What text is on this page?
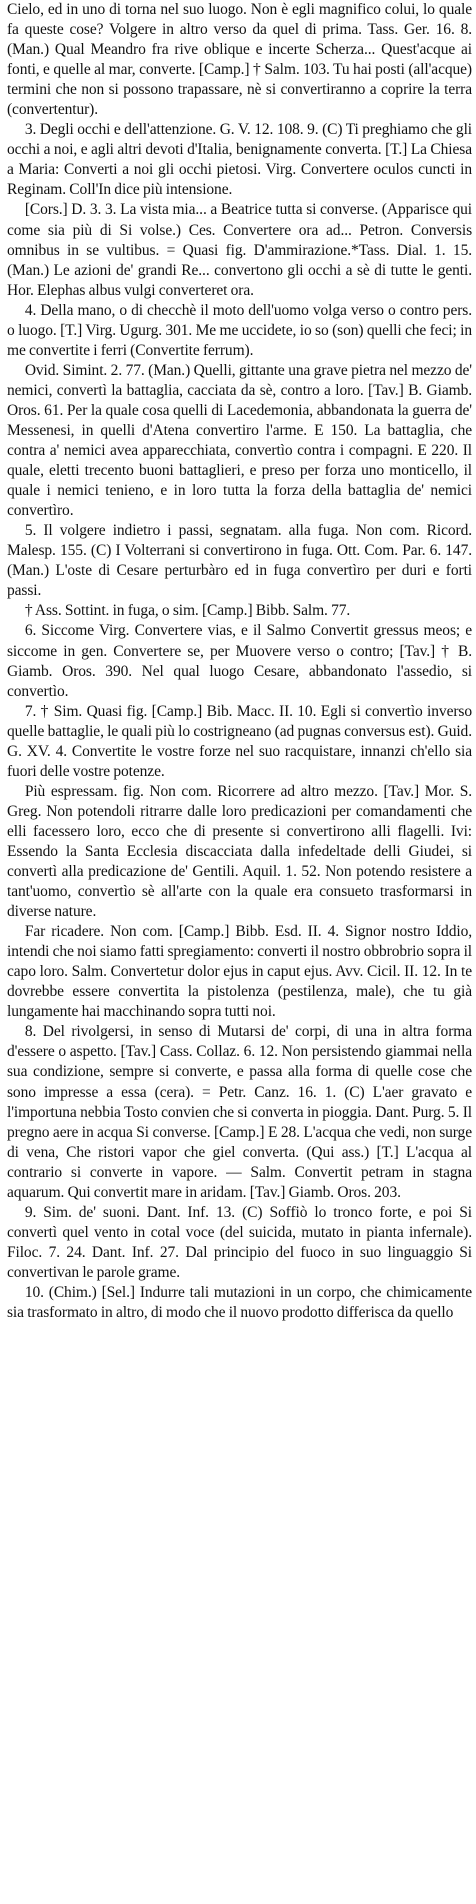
Cielo, ed in uno di torna nel suo luogo. Non è egli magnifico colui, lo quale fa queste cose? Volgere in altro verso da quel di prima. Tass. Ger. 16. 8. (Man.) Qual Meandro fra rive oblique e incerte Scherza... Quest'acque ai fonti, e quelle al mar, converte. [Camp.] † Salm. 103. Tu hai posti (all'acque) termini che non si possono trapassare, nè si convertiranno a coprire la terra (convertentur).

3. Degli occhi e dell'attenzione. G. V. 12. 108. 9. (C) Ti preghiamo che gli occhi a noi, e agli altri devoti d'Italia, benignamente converta. [T.] La Chiesa a Maria: Converti a noi gli occhi pietosi. Virg. Convertere oculos cuncti in Reginam. Coll'In dice più intensione.

[Cors.] D. 3. 3. La vista mia... a Beatrice tutta si converse. (Apparisce qui come sia più di Si volse.) Ces. Convertere ora ad... Petron. Conversis omnibus in se vultibus. = Quasi fig. D'ammirazione.*Tass. Dial. 1. 15. (Man.) Le azioni de' grandi Re... convertono gli occhi a sè di tutte le genti. Hor. Elephas albus vulgi converteret ora.

4. Della mano, o di checchè il moto dell'uomo volga verso o contro pers. o luogo. [T.] Virg. Ugurg. 301. Me me uccidete, io so (son) quelli che feci; in me convertite i ferri (Convertite ferrum).

Ovid. Simint. 2. 77. (Man.) Quelli, gittante una grave pietra nel mezzo de' nemici, convertì la battaglia, cacciata da sè, contro a loro. [Tav.] B. Giamb. Oros. 61. Per la quale cosa quelli di Lacedemonia, abbandonata la guerra de' Messenesi, in quelli d'Atena convertiro l'arme. E 150. La battaglia, che contra a' nemici avea apparecchiata, convertìo contra i compagni. E 220. Il quale, eletti trecento buoni battaglieri, e preso per forza uno monticello, il quale i nemici tenieno, e in loro tutta la forza della battaglia de' nemici convertìro.

5. Il volgere indietro i passi, segnatam. alla fuga. Non com. Ricord. Malesp. 155. (C) I Volterrani si convertirono in fuga. Ott. Com. Par. 6. 147. (Man.) L'oste di Cesare perturbàro ed in fuga convertìro per duri e forti passi.

† Ass. Sottint. in fuga, o sim. [Camp.] Bibb. Salm. 77.

6. Siccome Virg. Convertere vias, e il Salmo Convertit gressus meos; e siccome in gen. Convertere se, per Muovere verso o contro; [Tav.] † B. Giamb. Oros. 390. Nel qual luogo Cesare, abbandonato l'assedio, si convertìo.

7. † Sim. Quasi fig. [Camp.] Bib. Macc. II. 10. Egli si convertìo inverso quelle battaglie, le quali più lo costrigneano (ad pugnas conversus est). Guid. G. XV. 4. Convertite le vostre forze nel suo racquistare, innanzi ch'ello sia fuori delle vostre potenze.

Più espressam. fig. Non com. Ricorrere ad altro mezzo. [Tav.] Mor. S. Greg. Non potendoli ritrarre dalle loro predicazioni per comandamenti che elli facessero loro, ecco che di presente si convertirono alli flagelli. Ivi: Essendo la Santa Ecclesia discacciata dalla infedeltade delli Giudei, si convertì alla predicazione de' Gentili. Aquil. 1. 52. Non potendo resistere a tant'uomo, convertìo sè all'arte con la quale era consueto trasformarsi in diverse nature.

Far ricadere. Non com. [Camp.] Bibb. Esd. II. 4. Signor nostro Iddio, intendi che noi siamo fatti spregiamento: converti il nostro obbrobrio sopra il capo loro. Salm. Convertetur dolor ejus in caput ejus. Avv. Cicil. II. 12. In te dovrebbe essere convertita la pistolenza (pestilenza, male), che tu già lungamente hai macchinando sopra tutti noi.

8. Del rivolgersi, in senso di Mutarsi de' corpi, di una in altra forma d'essere o aspetto. [Tav.] Cass. Collaz. 6. 12. Non persistendo giammai nella sua condizione, sempre si converte, e passa alla forma di quelle cose che sono impresse a essa (cera). = Petr. Canz. 16. 1. (C) L'aer gravato e l'importuna nebbia Tosto convien che si converta in pioggia. Dant. Purg. 5. Il pregno aere in acqua Si converse. [Camp.] E 28. L'acqua che vedi, non surge di vena, Che ristori vapor che giel converta. (Qui ass.) [T.] L'acqua al contrario si converte in vapore. — Salm. Convertit petram in stagna aquarum. Qui convertit mare in aridam. [Tav.] Giamb. Oros. 203.

9. Sim. de' suoni. Dant. Inf. 13. (C) Soffiò lo tronco forte, e poi Si convertì quel vento in cotal voce (del suicida, mutato in pianta infernale). Filoc. 7. 24. Dant. Inf. 27. Dal principio del fuoco in suo linguaggio Si convertivan le parole grame.

10. (Chim.) [Sel.] Indurre tali mutazioni in un corpo, che chimicamente sia trasformato in altro, di modo che il nuovo prodotto differisca da quello
